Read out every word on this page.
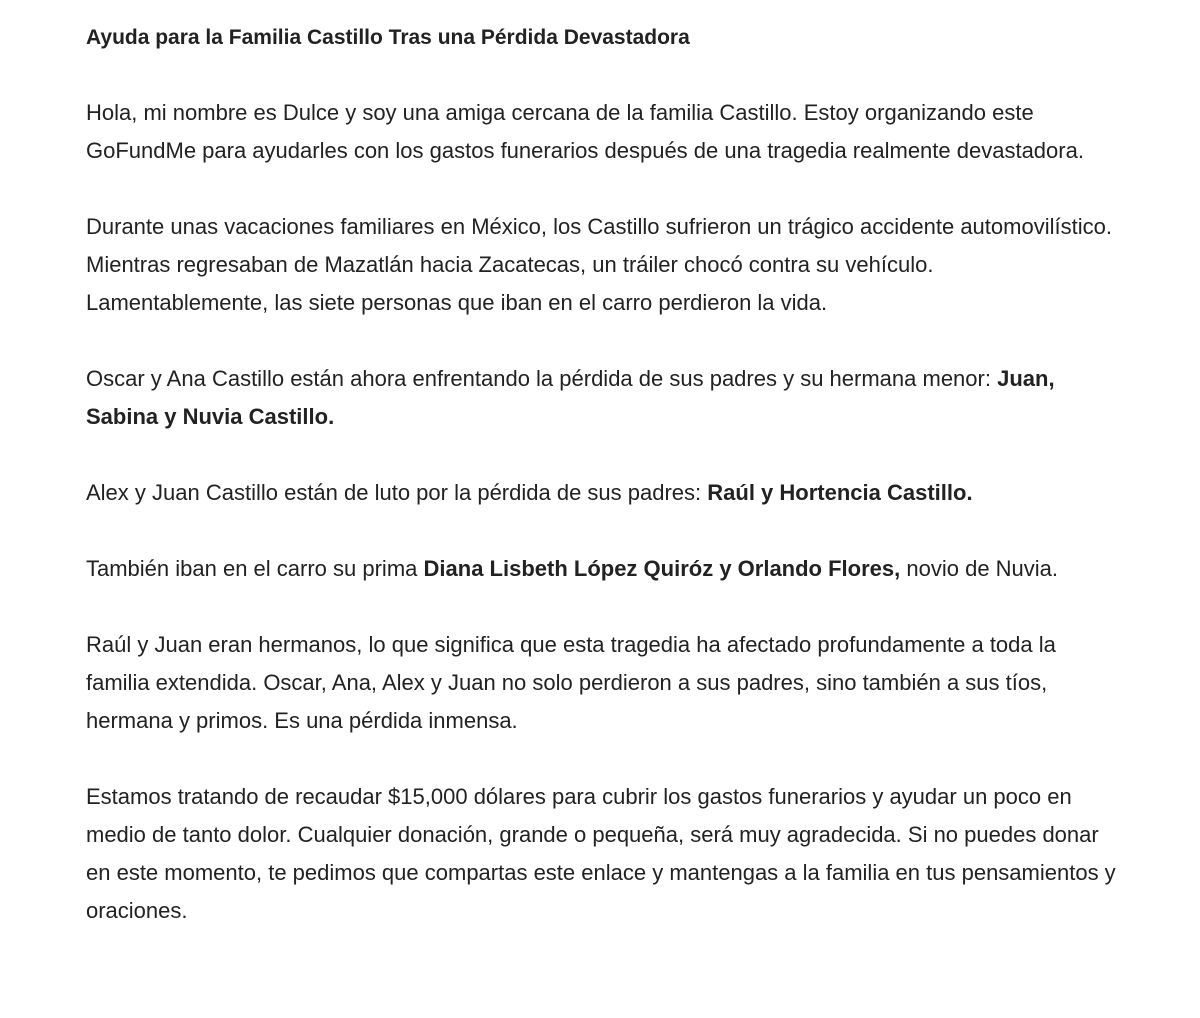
Ayuda para la Familia Castillo Tras una Pérdida Devastadora

Hola, mi nombre es Dulce y soy una amiga cercana de la familia Castillo. Estoy organizando este GoFundMe para ayudarles con los gastos funerarios después de una tragedia realmente devastadora.

Durante unas vacaciones familiares en México, los Castillo sufrieron un trágico accidente automovilístico. Mientras regresaban de Mazatlán hacia Zacatecas, un tráiler chocó contra su vehículo. Lamentablemente, las siete personas que iban en el carro perdieron la vida.

Oscar y Ana Castillo están ahora enfrentando la pérdida de sus padres y su hermana menor: Juan, Sabina y Nuvia Castillo.

Alex y Juan Castillo están de luto por la pérdida de sus padres: Raúl y Hortencia Castillo.

También iban en el carro su prima Diana Lisbeth López Quiróz y Orlando Flores, novio de Nuvia.

Raúl y Juan eran hermanos, lo que significa que esta tragedia ha afectado profundamente a toda la familia extendida. Oscar, Ana, Alex y Juan no solo perdieron a sus padres, sino también a sus tíos, hermana y primos. Es una pérdida inmensa.

Estamos tratando de recaudar $15,000 dólares para cubrir los gastos funerarios y ayudar un poco en medio de tanto dolor. Cualquier donación, grande o pequeña, será muy agradecida. Si no puedes donar en este momento, te pedimos que compartas este enlace y mantengas a la familia en tus pensamientos y oraciones.
